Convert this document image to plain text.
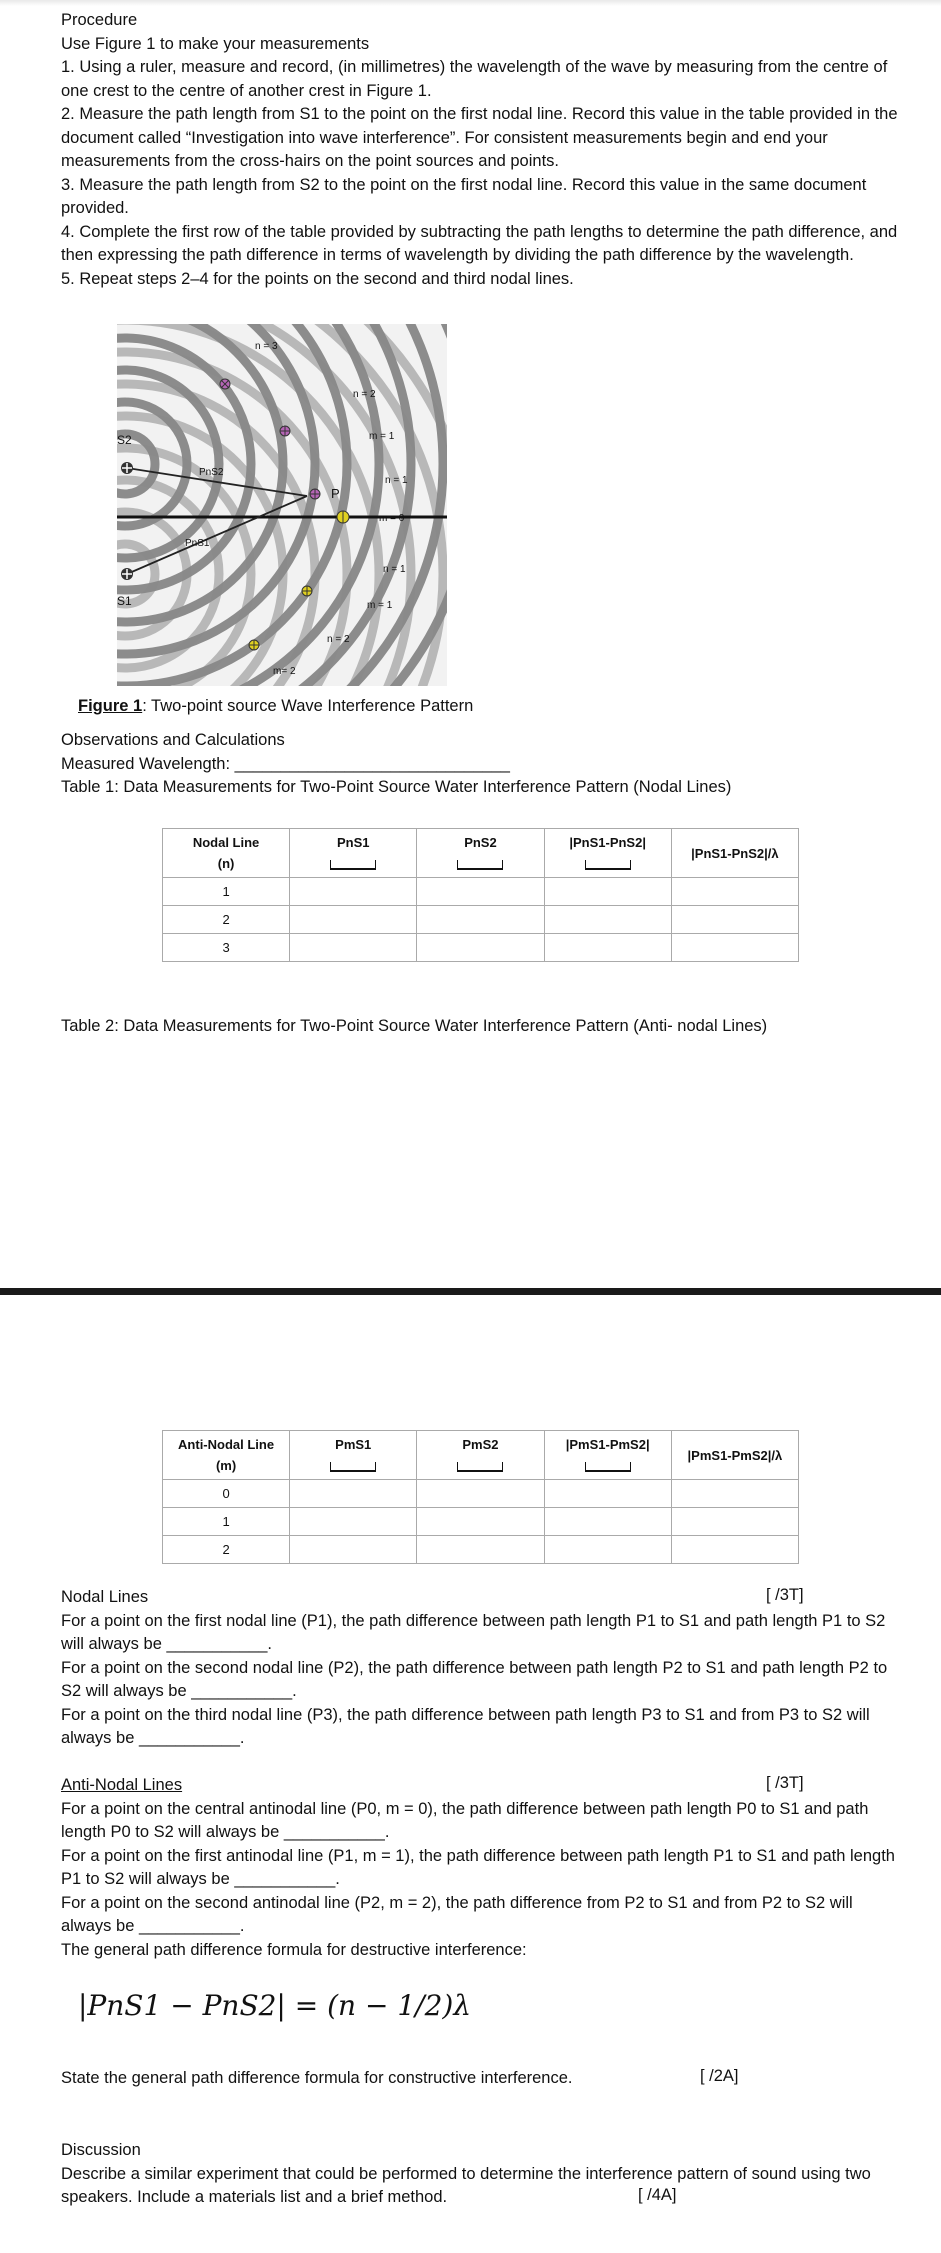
Procedure
Use Figure 1 to make your measurements
1. Using a ruler, measure and record, (in millimetres) the wavelength of the wave by measuring from the centre of one crest to the centre of another crest in Figure 1.
2. Measure the path length from S1 to the point on the first nodal line. Record this value in the table provided in the document called “Investigation into wave interference”. For consistent measurements begin and end your measurements from the cross-hairs on the point sources and points.
3. Measure the path length from S2 to the point on the first nodal line. Record this value in the same document provided.
4. Complete the first row of the table provided by subtracting the path lengths to determine the path difference, and then expressing the path difference in terms of wavelength by dividing the path difference by the wavelength.
5. Repeat steps 2–4 for the points on the second and third nodal lines.
S2
S1
P
PnS2
PnS1
n = 3
n = 2
m = 1
n = 1
m = 0
n = 1
m = 1
n = 2
m= 2
Figure 1: Two-point source Wave Interference Pattern
Observations and Calculations
Measured Wavelength: ______________________________
Table 1: Data Measurements for Two-Point Source Water Interference Pattern (Nodal Lines)
Nodal Line
(n)	PnS1	PnS2	|PnS1-PnS2|	|PnS1-PnS2|/λ
1				
2				
3				
Table 2: Data Measurements for Two-Point Source Water Interference Pattern (Anti- nodal Lines)
Anti-Nodal Line
(m)	PmS1	PmS2	|PmS1-PmS2|	|PmS1-PmS2|/λ
0				
1				
2				
Nodal Lines
For a point on the first nodal line (P1), the path difference between path length P1 to S1 and path length P1 to S2 will always be ___________.
For a point on the second nodal line (P2), the path difference between path length P2 to S1 and path length P2 to S2 will always be ___________.
For a point on the third nodal line (P3), the path difference between path length P3 to S1 and from P3 to S2 will always be ___________.
[ /3T]
Anti-Nodal Lines
For a point on the central antinodal line (P0, m = 0), the path difference between path length P0 to S1 and path length P0 to S2 will always be ___________.
For a point on the first antinodal line (P1, m = 1), the path difference between path length P1 to S1 and path length P1 to S2 will always be ___________.
For a point on the second antinodal line (P2, m = 2), the path difference from P2 to S1 and from P2 to S2 will always be ___________.
The general path difference formula for destructive interference:
[ /3T]
|PnS1 − PnS2| = (n − 1/2)λ
State the general path difference formula for constructive interference.	[ /2A]
Discussion
Describe a similar experiment that could be performed to determine the interference pattern of sound using two speakers. Include a materials list and a brief method.	[ /4A]
